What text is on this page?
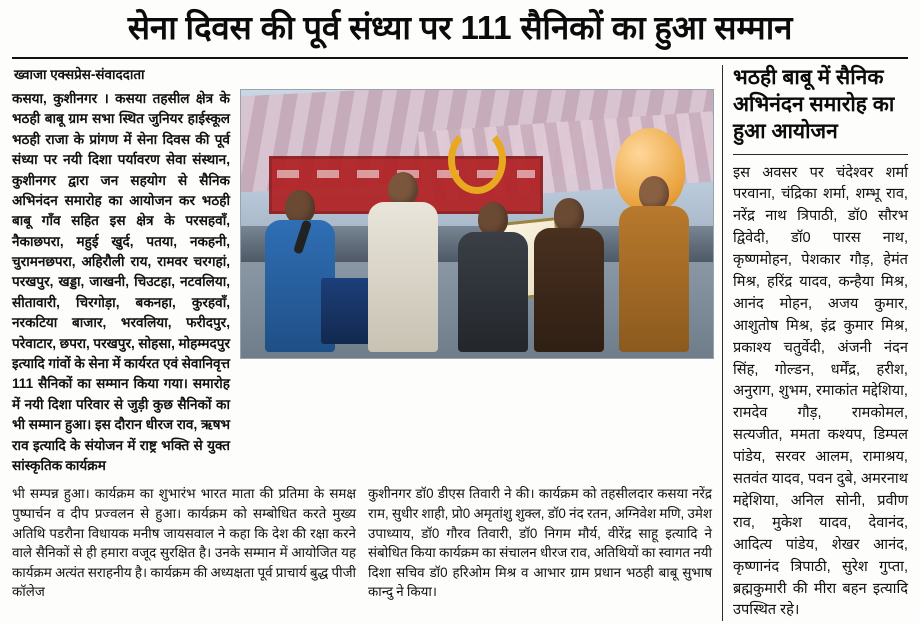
सेना दिवस की पूर्व संध्या पर 111 सैनिकों का हुआ सम्मान
ख्वाजा एक्सप्रेस-संवाददाता

कसया, कुशीनगर । कसया तहसील क्षेत्र के भठही बाबू ग्राम सभा स्थित जुनियर हाईस्कूल भठही राजा के प्रांगण में सेना दिवस की पूर्व संध्या पर नयी दिशा पर्यावरण सेवा संस्थान, कुशीनगर द्वारा जन सहयोग से सैनिक अभिनंदन समारोह का आयोजन कर भठही बाबू गाँव सहित इस क्षेत्र के परसहवाँ, नैकाछपरा, महुई खुर्द, पतया, नकहनी, चुरामनछपरा, अहिरौली राय, रामवर चरगहां, परखपुर, खड्डा, जाखनी, चिउटहा, नटवलिया, सीतावारी, चिरगोड़ा, बकनहा, कुरहवाँ, नरकटिया बाजार, भरवलिया, फरीदपुर, परेवाटार, छपरा, परखपुर, सोहसा, मोहम्मदपुर इत्यादि गांवों के सेना में कार्यरत एवं सेवानिवृत्त 111 सैनिकों का सम्मान किया गया। समारोह में नयी दिशा परिवार से जुड़ी कुछ सैनिकों का भी सम्मान हुआ। इस दौरान धीरज राव, ऋषभ राव इत्यादि के संयोजन में राष्ट्र भक्ति से युक्त सांस्कृतिक कार्यक्रम

भी सम्पन्न हुआ। कार्यक्रम का शुभारंभ भारत माता की प्रतिमा के समक्ष पुष्पार्चन व दीप प्रज्वलन से हुआ। कार्यक्रम को सम्बोधित करते मुख्य अतिथि पडरौना विधायक मनीष जायसवाल ने कहा कि देश की रक्षा करने वाले सैनिकों से ही हमारा वजूद सुरक्षित है। उनके सम्मान में आयोजित यह कार्यक्रम अत्यंत सराहनीय है। कार्यक्रम की अध्यक्षता पूर्व प्राचार्य बुद्ध पीजी कॉलेज

कुशीनगर डॉ0 डीएस तिवारी ने की। कार्यक्रम को तहसीलदार कसया नरेंद्र राम, सुधीर शाही, प्रो0 अमृतांशु शुक्ल, डॉ0 नंद रतन, अग्निवेश मणि, उमेश उपाध्याय, डॉ0 गौरव तिवारी, डॉ0 निगम मौर्य, वीरेंद्र साहू इत्यादि ने संबोधित किया कार्यक्रम का संचालन धीरज राव, अतिथियों का स्वागत नयी दिशा सचिव डॉ0 हरिओम मिश्र व आभार ग्राम प्रधान भठही बाबू सुभाष कान्दु ने किया।

भठही बाबू में सैनिक अभिनंदन समारोह का हुआ आयोजन

इस अवसर पर चंदेश्वर शर्मा परवाना, चंद्रिका शर्मा, शम्भू राव, नरेंद्र नाथ त्रिपाठी, डॉ0 सौरभ द्विवेदी, डॉ0 पारस नाथ, कृष्णमोहन, पेशकार गौड़, हेमंत मिश्र, हरिंद्र यादव, कन्हैया मिश्र, आनंद मोहन, अजय कुमार, आशुतोष मिश्र, इंद्र कुमार मिश्र, प्रकाश्य चतुर्वेदी, अंजनी नंदन सिंह, गोल्डन, धर्मेंद्र, हरीश, अनुराग, शुभम, रमाकांत मद्देशिया, रामदेव गौड़, रामकोमल, सत्यजीत, ममता कश्यप, डिम्पल पांडेय, सरवर आलम, रामाश्रय, सतवंत यादव, पवन दुबे, अमरनाथ मद्देशिया, अनिल सोनी, प्रवीण राव, मुकेश यादव, देवानंद, आदित्य पांडेय, शेखर आनंद, कृष्णानंद त्रिपाठी, सुरेश गुप्ता, ब्रह्मकुमारी की मीरा बहन इत्यादि उपस्थित रहे।
